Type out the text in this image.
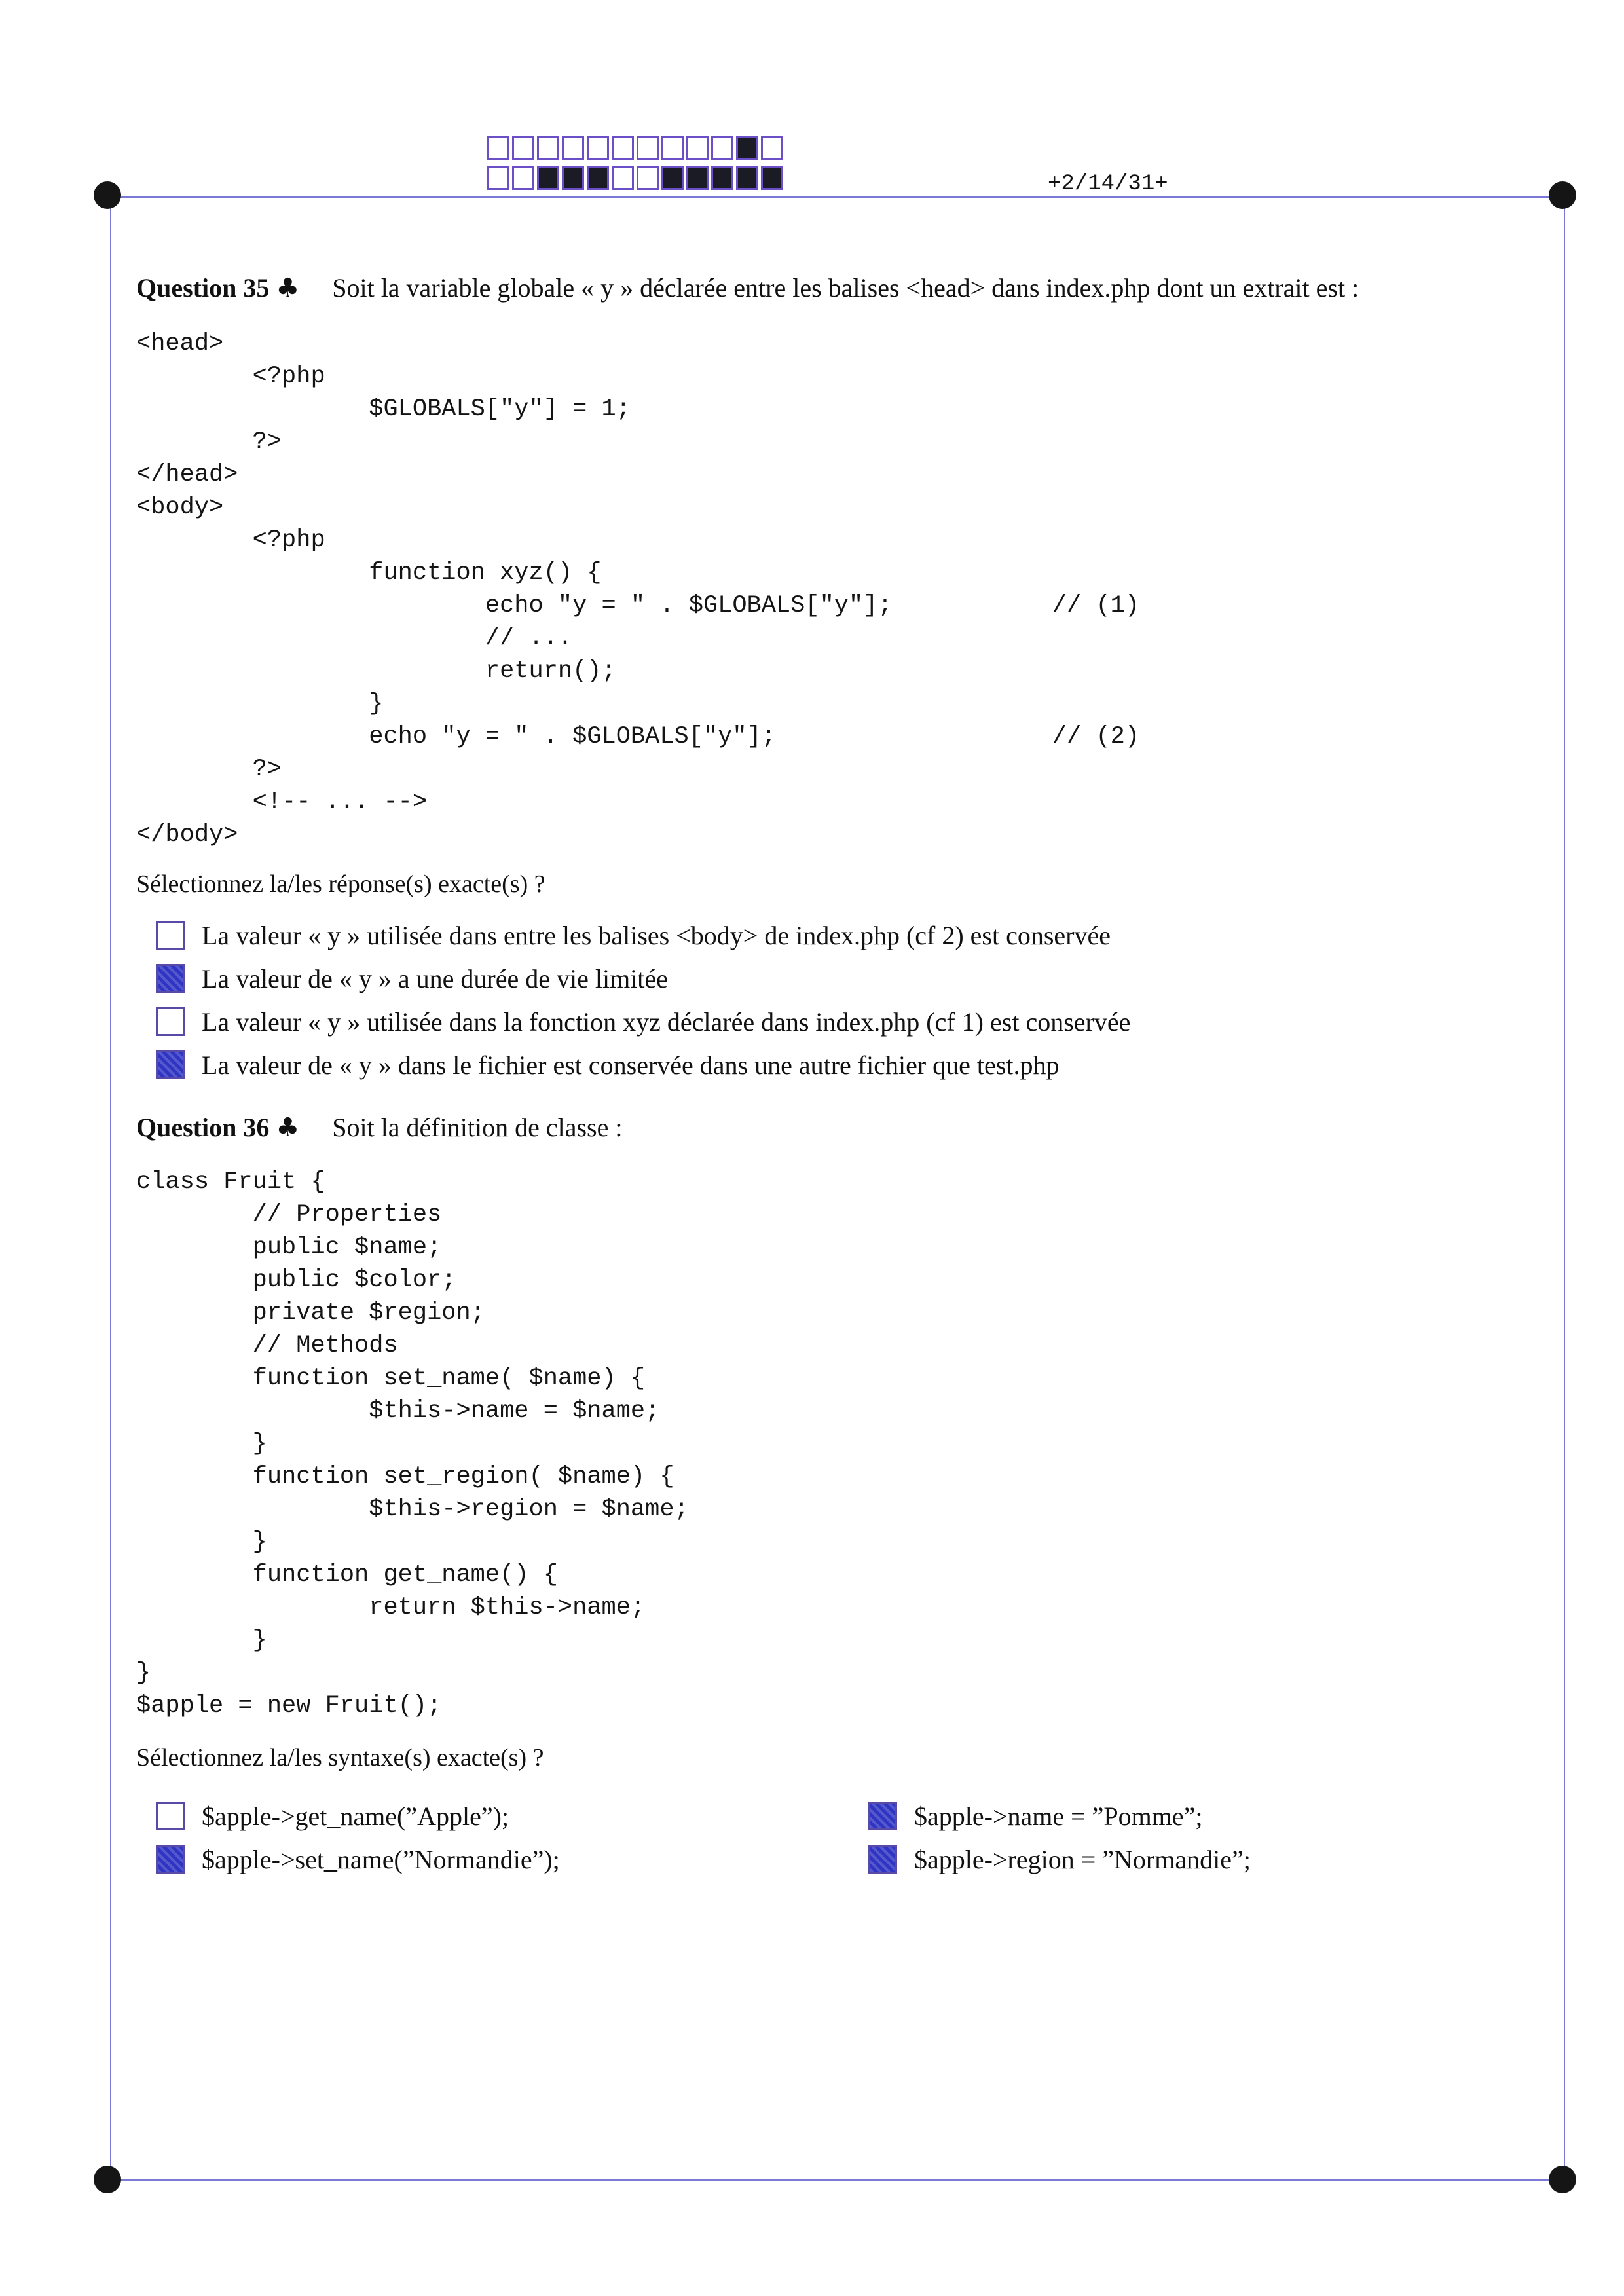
+2/14/31+
Question 35 ♣ Soit la variable globale « y » déclarée entre les balises <head> dans index.php dont un extrait est :
<head>
<?php
$GLOBALS["y"] = 1;
?>
</head>
<body>
<?php
function xyz() {
echo "y = " . $GLOBALS["y"];           // (1)
// ...
return();
}
echo "y = " . $GLOBALS["y"];                   // (2)
?>
<!-- ... -->
</body>
Sélectionnez la/les réponse(s) exacte(s) ?
La valeur « y » utilisée dans entre les balises <body> de index.php (cf 2) est conservée
La valeur de « y » a une durée de vie limitée
La valeur « y » utilisée dans la fonction xyz déclarée dans index.php (cf 1) est conservée
La valeur de « y » dans le fichier est conservée dans une autre fichier que test.php
Question 36 ♣ Soit la définition de classe :
class Fruit {
// Properties
public $name;
public $color;
private $region;
// Methods
function set_name( $name) {
$this->name = $name;
}
function set_region( $name) {
$this->region = $name;
}
function get_name() {
return $this->name;
}
}
$apple = new Fruit();
Sélectionnez la/les syntaxe(s) exacte(s) ?
$apple->get_name(”Apple”);
$apple->set_name(”Normandie”);
$apple->name = ”Pomme”;
$apple->region = ”Normandie”;
